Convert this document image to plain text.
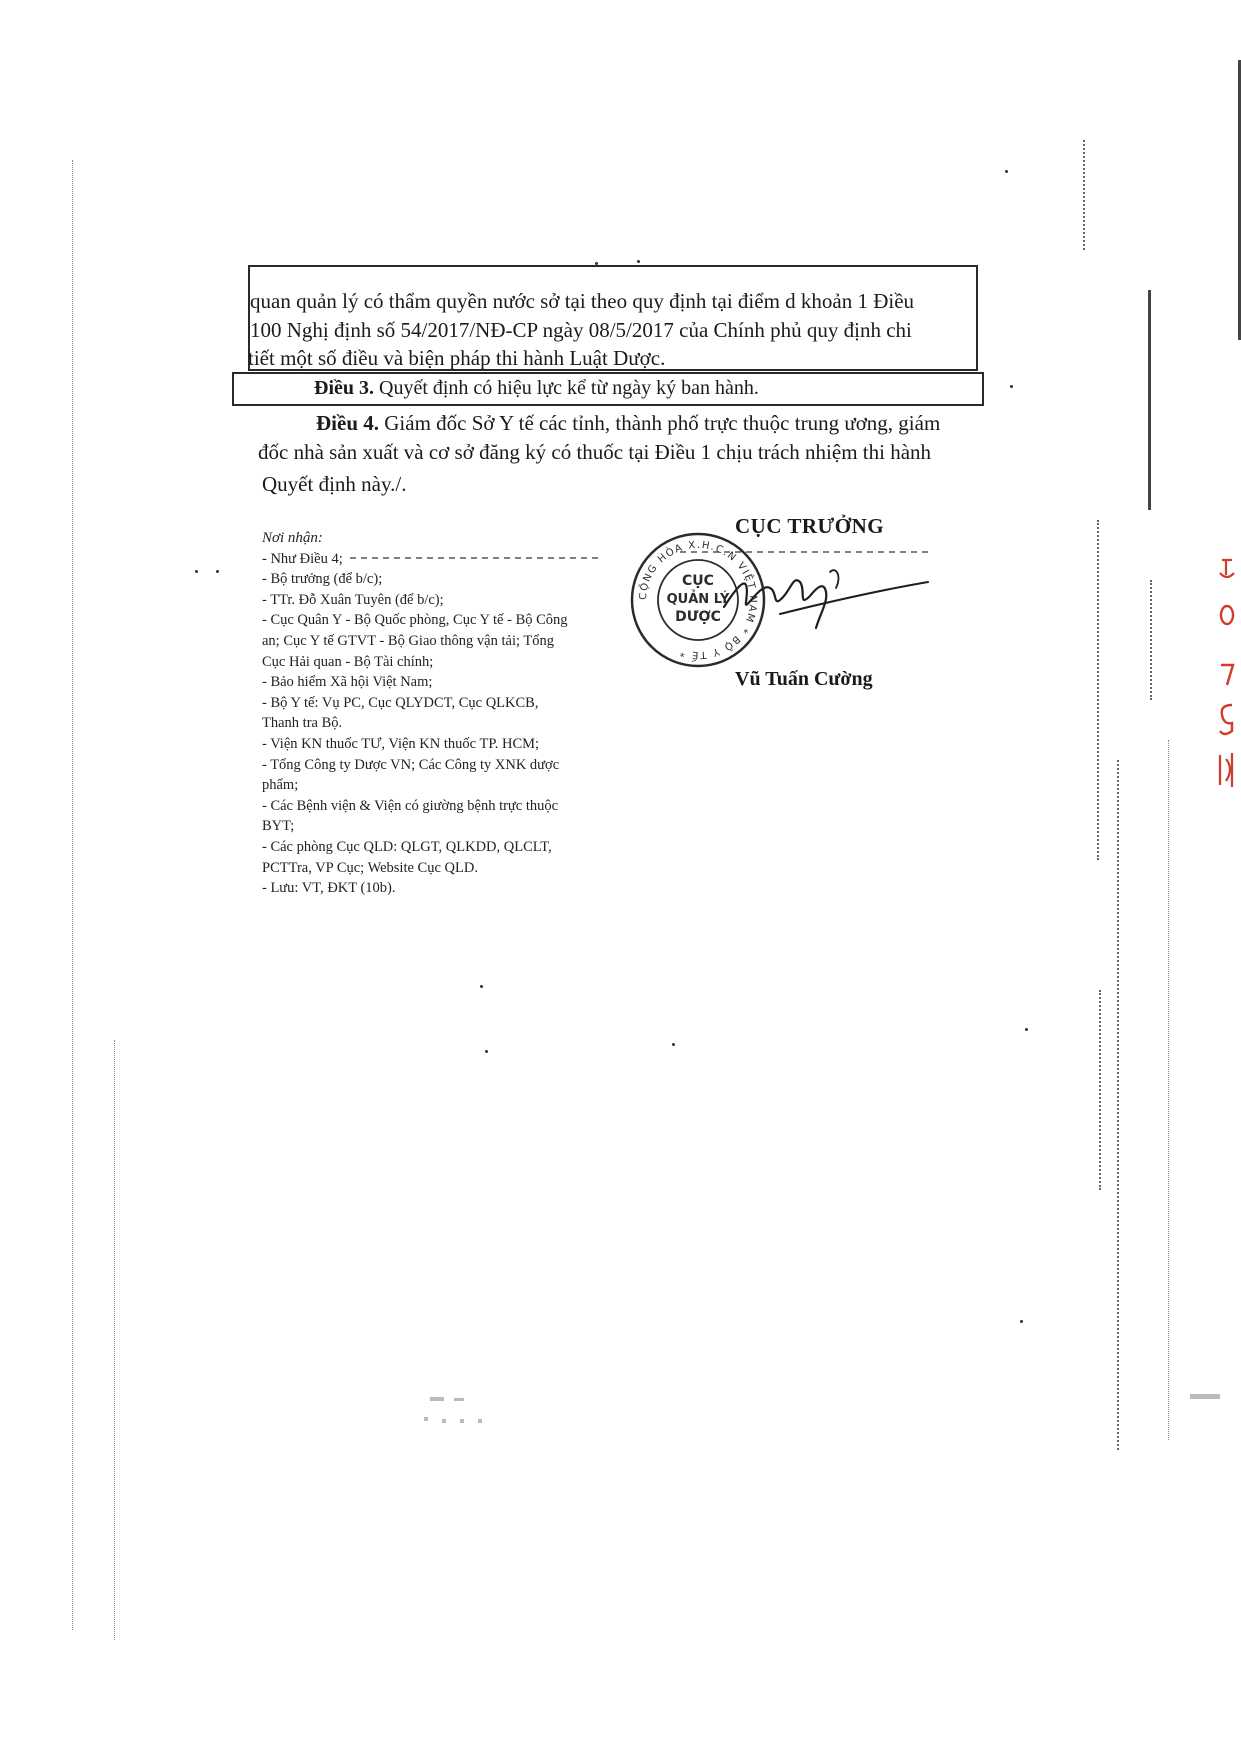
quan quản lý có thẩm quyền nước sở tại theo quy định tại điểm d khoản 1 Điều
100 Nghị định số 54/2017/NĐ-CP ngày 08/5/2017 của Chính phủ quy định chi
tiết một số điều và biện pháp thi hành Luật Dược.
Điều 3. Quyết định có hiệu lực kể từ ngày ký ban hành.
Điều 4. Giám đốc Sở Y tế các tỉnh, thành phố trực thuộc trung ương, giám
đốc nhà sản xuất và cơ sở đăng ký có thuốc tại Điều 1 chịu trách nhiệm thi hành
Quyết định này./.
Nơi nhận:
- Như Điều 4;
- Bộ trưởng (để b/c);
- TTr. Đỗ Xuân Tuyên (để b/c);
- Cục Quân Y - Bộ Quốc phòng, Cục Y tế - Bộ Công
an; Cục Y tế GTVT - Bộ Giao thông vận tải; Tổng
Cục Hải quan - Bộ Tài chính;
- Bảo hiểm Xã hội Việt Nam;
- Bộ Y tế: Vụ PC, Cục QLYDCT, Cục QLKCB,
Thanh tra Bộ.
- Viện KN thuốc TƯ, Viện KN thuốc TP. HCM;
- Tổng Công ty Dược VN; Các Công ty XNK dược
phẩm;
- Các Bệnh viện & Viện có giường bệnh trực thuộc
BYT;
- Các phòng Cục QLD: QLGT, QLKDD, QLCLT,
PCTTra, VP Cục; Website Cục QLD.
- Lưu: VT, ĐKT (10b).
CỤC TRƯỞNG
CỘNG HÒA X.H.C.N VIỆT NAM * BỘ Y TẾ *
CỤC
QUẢN LÝ
DƯỢC
Vũ Tuấn Cường
